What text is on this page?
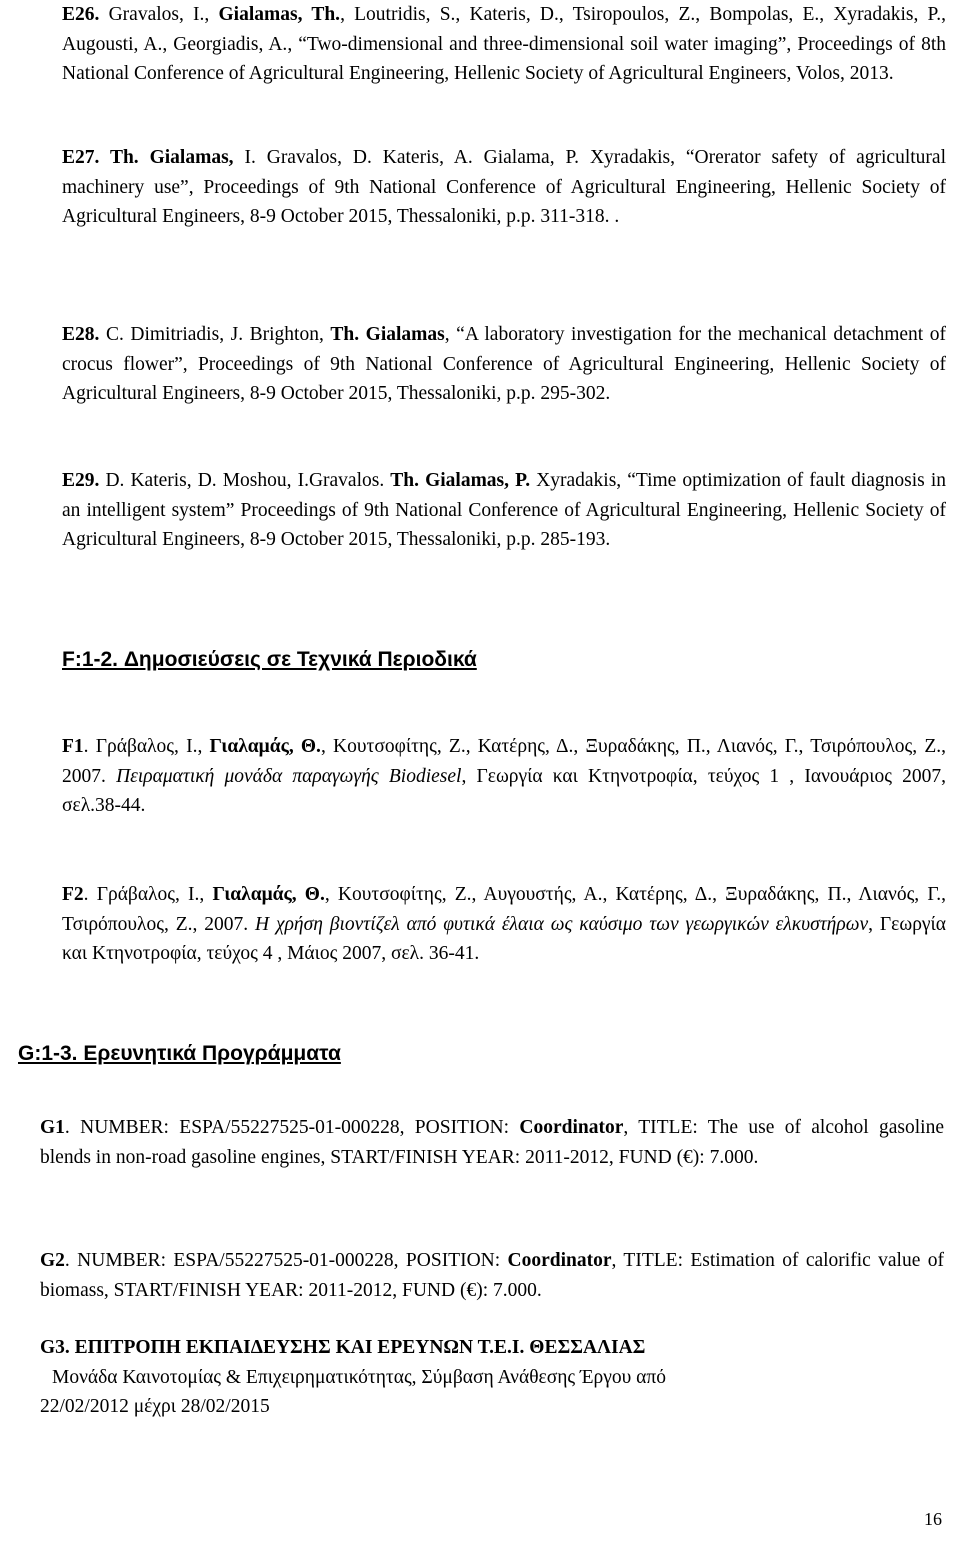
E26. Gravalos, I., Gialamas, Th., Loutridis, S., Kateris, D., Tsiropoulos, Z., Bompolas, E., Xyradakis, P., Augousti, A., Georgiadis, A., “Two-dimensional and three-dimensional soil water imaging”, Proceedings of 8th National Conference of Agricultural Engineering, Hellenic Society of Agricultural Engineers, Volos, 2013.

E27. Th. Gialamas, I. Gravalos, D. Kateris, A. Gialama, P. Xyradakis, “Orerator safety of agricultural machinery use”, Proceedings of 9th National Conference of Agricultural Engineering, Hellenic Society of Agricultural Engineers, 8-9 October 2015, Thessaloniki, p.p. 311-318. .

E28. C. Dimitriadis, J. Brighton, Th. Gialamas, “A laboratory investigation for the mechanical detachment of crocus flower”, Proceedings of 9th National Conference of Agricultural Engineering, Hellenic Society of Agricultural Engineers, 8-9 October 2015, Thessaloniki, p.p. 295-302.

E29. D. Kateris, D. Moshou, I.Gravalos. Th. Gialamas, P. Xyradakis, “Time optimization of fault diagnosis in an intelligent system” Proceedings of 9th National Conference of Agricultural Engineering, Hellenic Society of Agricultural Engineers, 8-9 October 2015, Thessaloniki, p.p. 285-193.

F:1-2. Δημοσιεύσεις σε Τεχνικά Περιοδικά

F1. Γράβαλος, Ι., Γιαλαμάς, Θ., Κουτσοφίτης, Ζ., Κατέρης, Δ., Ξυραδάκης, Π., Λιανός, Γ., Τσιρόπουλος, Ζ., 2007. Πειραματική μονάδα παραγωγής Biodiesel, Γεωργία και Κτηνοτροφία, τεύχος 1 , Ιανουάριος 2007, σελ.38-44.

F2. Γράβαλος, Ι., Γιαλαμάς, Θ., Κουτσοφίτης, Ζ., Αυγουστής, Α., Κατέρης, Δ., Ξυραδάκης, Π., Λιανός, Γ., Τσιρόπουλος, Ζ., 2007. Η χρήση βιοντίζελ από φυτικά έλαια ως καύσιμο των γεωργικών ελκυστήρων, Γεωργία και Κτηνοτροφία, τεύχος 4 , Μάιος 2007, σελ. 36-41.

G:1-3. Ερευνητικά Προγράμματα

G1. NUMBER: ESPA/55227525-01-000228, POSITION: Coordinator, TITLE: The use of alcohol gasoline blends in non-road gasoline engines, START/FINISH YEAR: 2011-2012, FUND (€): 7.000.

G2. NUMBER: ESPA/55227525-01-000228, POSITION: Coordinator, TITLE: Estimation of calorific value of biomass, START/FINISH YEAR: 2011-2012, FUND (€): 7.000.

G3. ΕΠΙΤΡΟΠΗ ΕΚΠΑΙΔΕΥΣΗΣ ΚΑΙ ΕΡΕΥΝΩΝ Τ.Ε.Ι. ΘΕΣΣΑΛΙΑΣ

Μονάδα Καινοτομίας & Επιχειρηματικότητας, Σύμβαση Ανάθεσης Έργου από
22/02/2012 μέχρι 28/02/2015

16
